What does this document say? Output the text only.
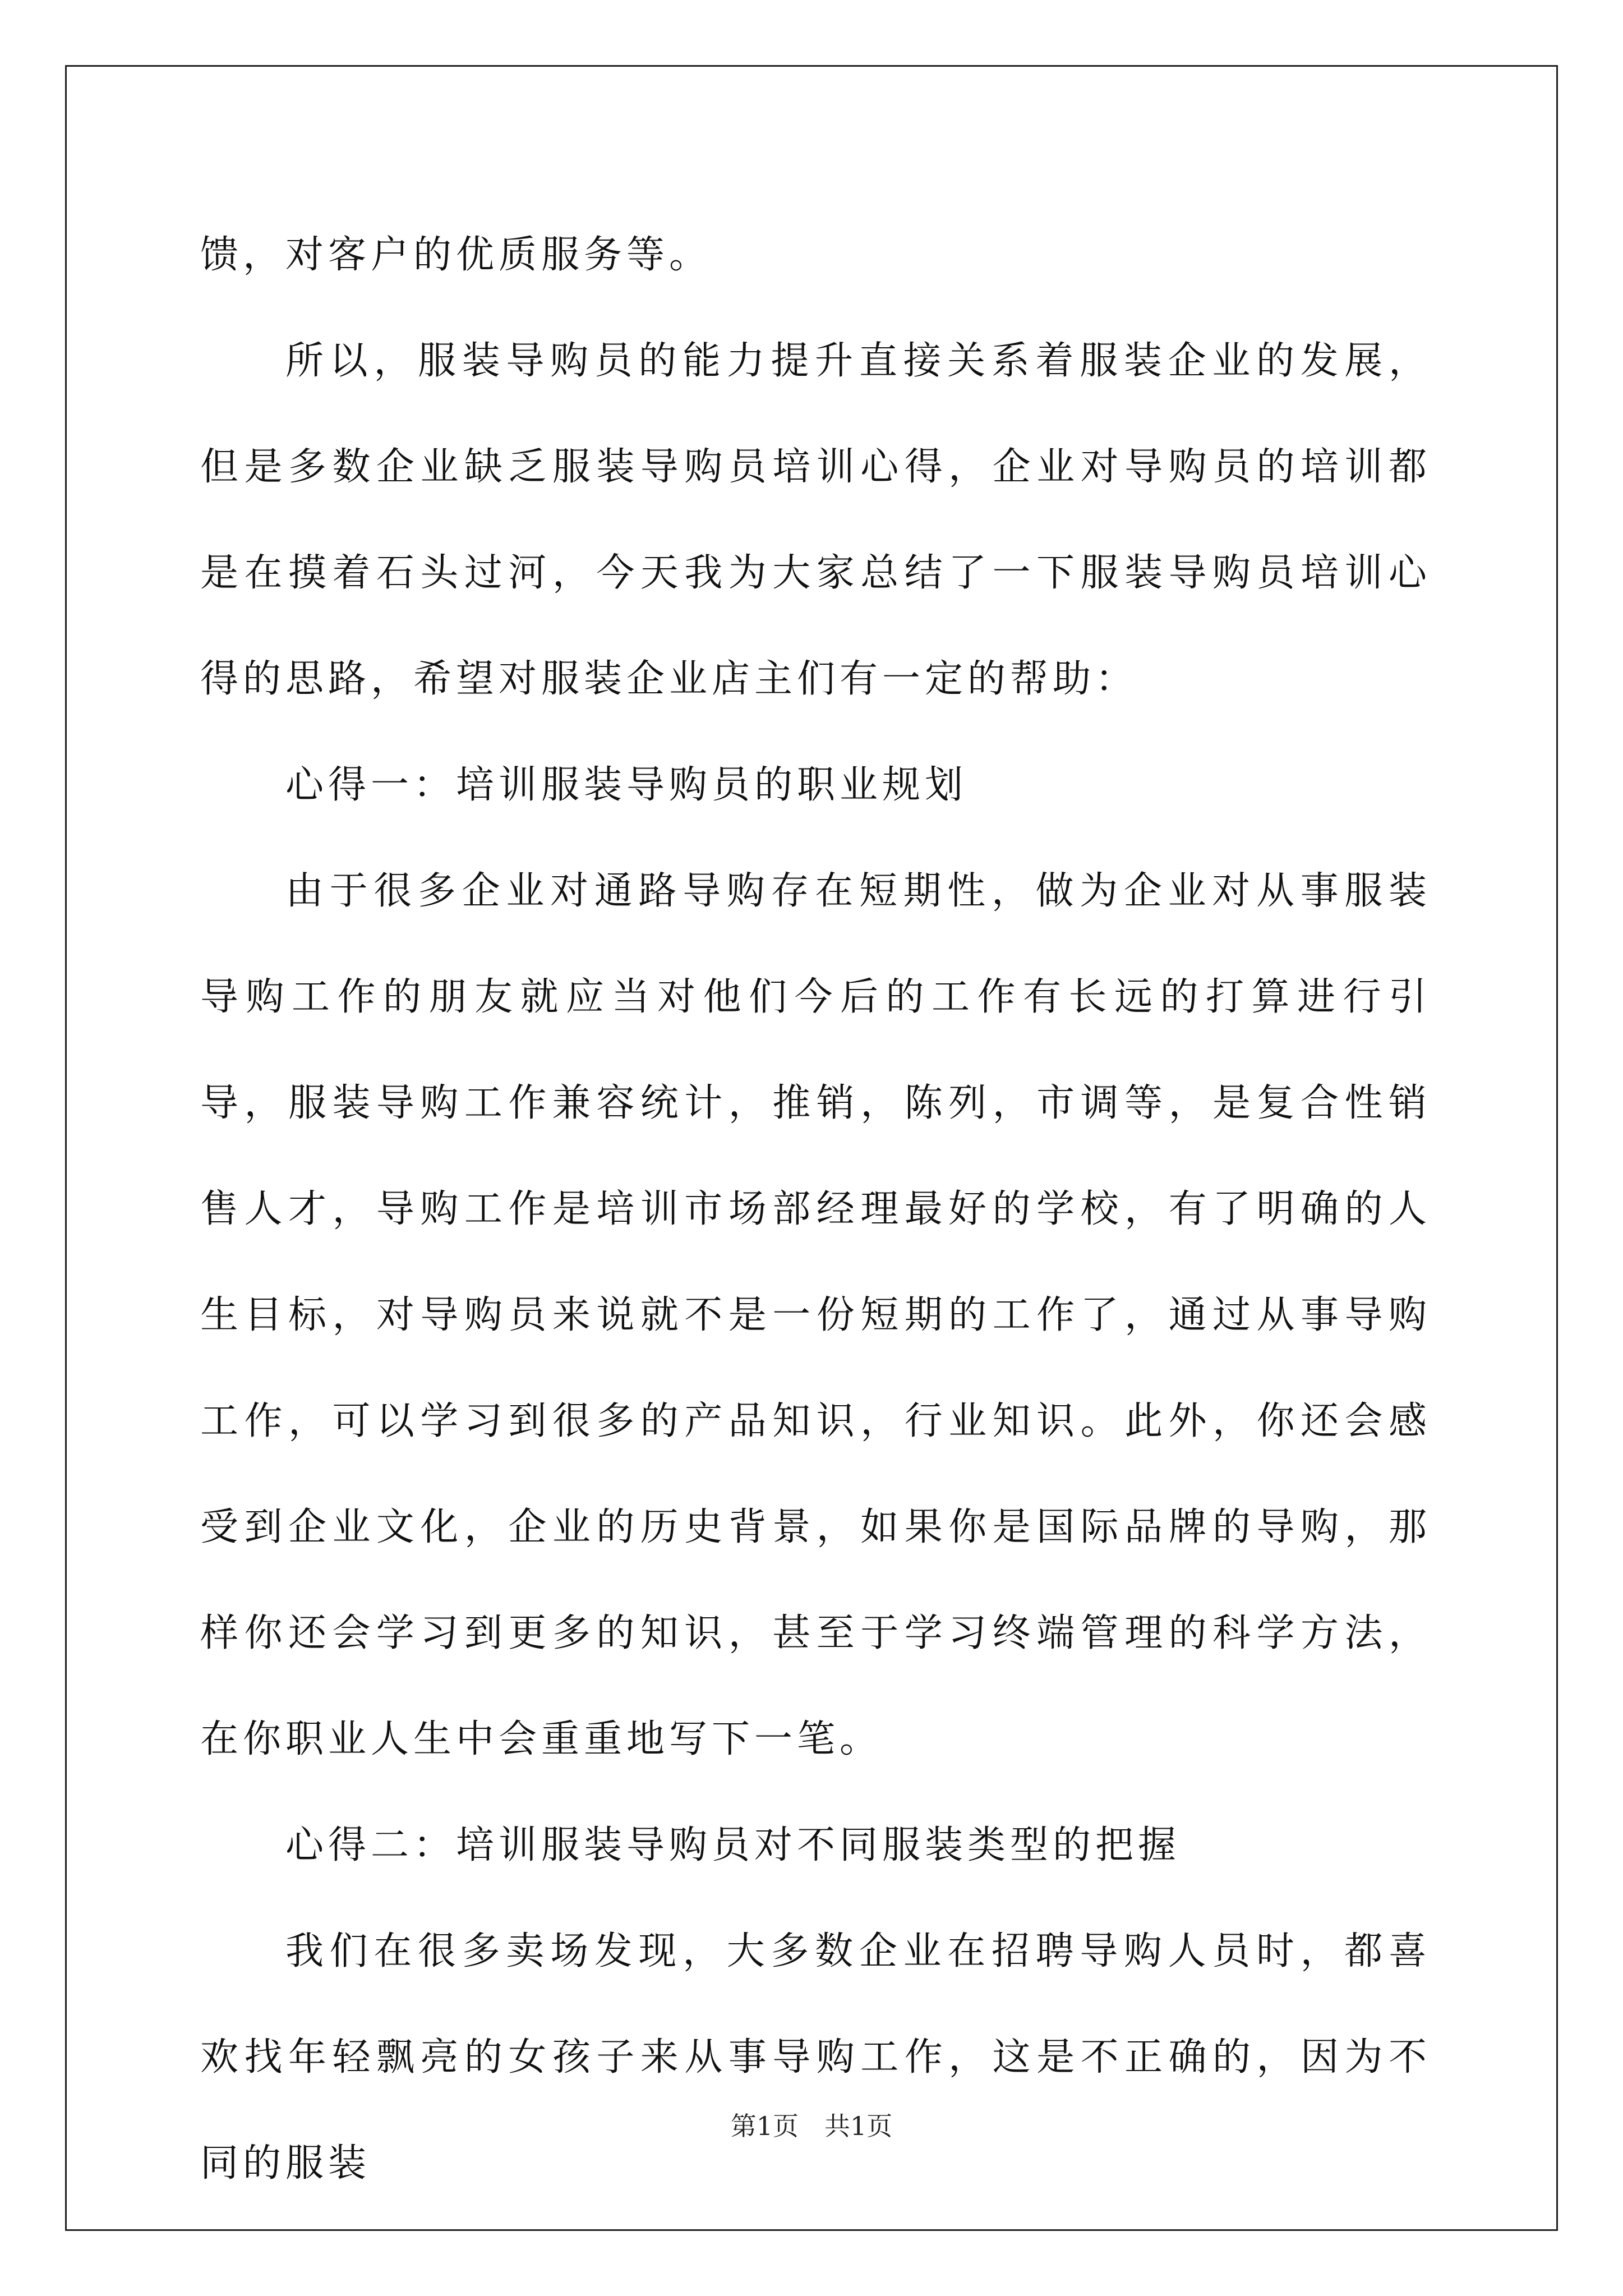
馈，对客户的优质服务等。

所以，服装导购员的能力提升直接关系着服装企业的发展，但是多数企业缺乏服装导购员培训心得，企业对导购员的培训都是在摸着石头过河，今天我为大家总结了一下服装导购员培训心得的思路，希望对服装企业店主们有一定的帮助：

心得一：培训服装导购员的职业规划

由于很多企业对通路导购存在短期性，做为企业对从事服装导购工作的朋友就应当对他们今后的工作有长远的打算进行引导，服装导购工作兼容统计，推销，陈列，市调等，是复合性销售人才，导购工作是培训市场部经理最好的学校，有了明确的人生目标，对导购员来说就不是一份短期的工作了，通过从事导购工作，可以学习到很多的产品知识，行业知识。此外，你还会感受到企业文化，企业的历史背景，如果你是国际品牌的导购，那样你还会学习到更多的知识，甚至于学习终端管理的科学方法，在你职业人生中会重重地写下一笔。

心得二：培训服装导购员对不同服装类型的把握

我们在很多卖场发现，大多数企业在招聘导购人员时，都喜欢找年轻飘亮的女孩子来从事导购工作，这是不正确的，因为不同的服装

第1页　共1页
